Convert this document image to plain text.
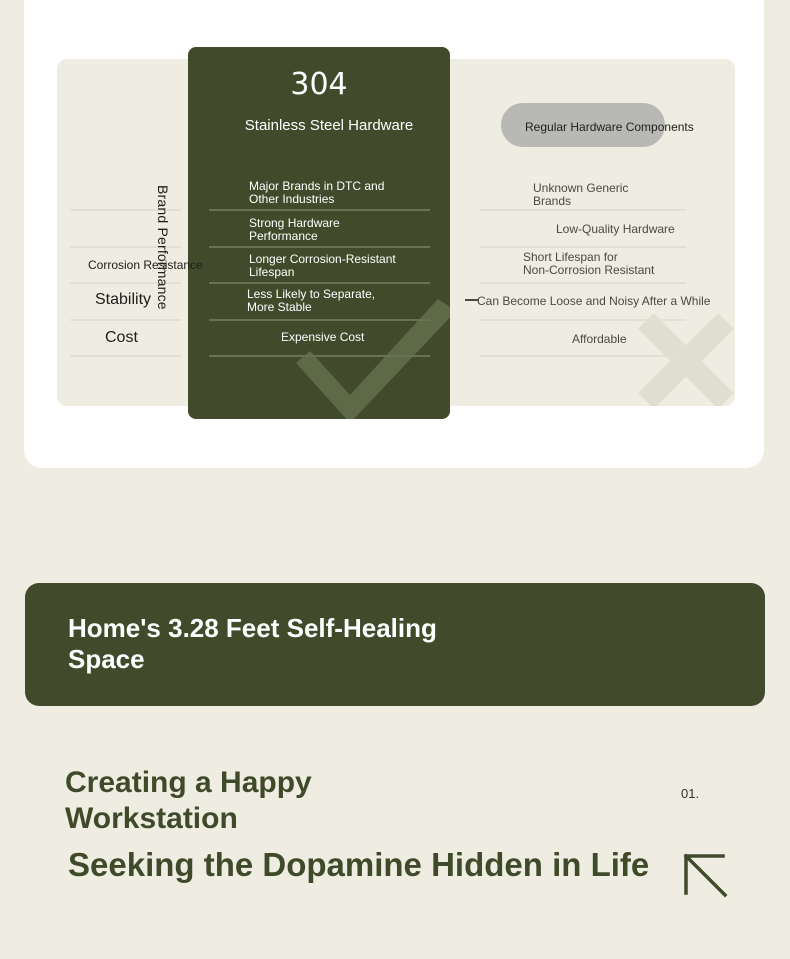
Regular Hardware Components
Unknown Generic
Brands
Low-Quality Hardware
Short Lifespan for
Non-Corrosion Resistant
Can Become Loose and Noisy After a While
Affordable
304
Stainless Steel Hardware
Major Brands in DTC and
Other Industries
Strong Hardware
Performance
Longer Corrosion-Resistant
Lifespan
Less Likely to Separate,
More Stable
Expensive Cost
Corrosion Resistance
Stability
Cost
Brand Performance
Home's 3.28 Feet Self-Healing Space
Creating a Happy Workstation
01.
Seeking the Dopamine Hidden in Life
